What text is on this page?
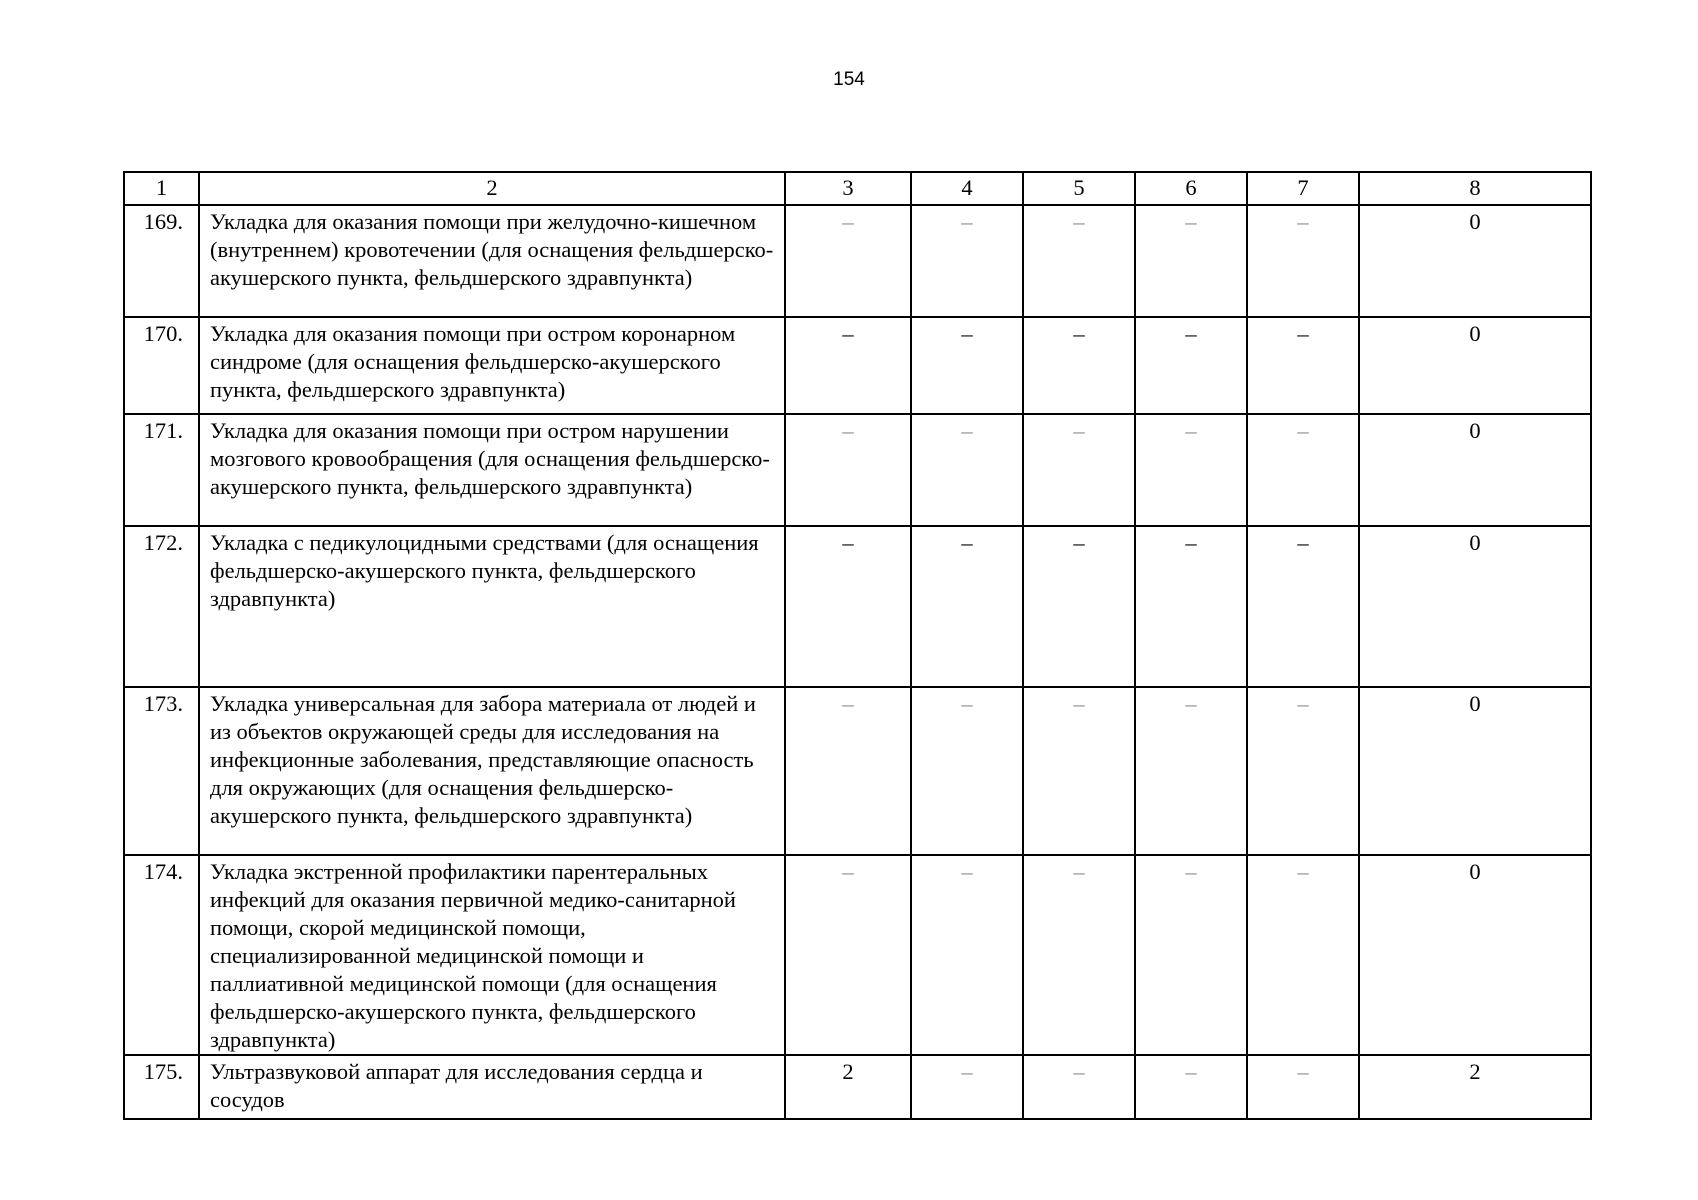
154
1	2	3	4	5	6	7	8
169.	Укладка для оказания помощи при желудочно-кишечном (внутреннем) кровотечении (для оснащения фельдшерско-акушерского пункта, фельдшерского здравпункта)	–	–	–	–	–	0
170.	Укладка для оказания помощи при остром коронарном синдроме (для оснащения фельдшерско-акушерского пункта, фельдшерского здравпункта)	–	–	–	–	–	0
171.	Укладка для оказания помощи при остром нарушении мозгового кровообращения (для оснащения фельдшерско-акушерского пункта, фельдшерского здравпункта)	–	–	–	–	–	0
172.	Укладка с педикулоцидными средствами (для оснащения фельдшерско-акушерского пункта, фельдшерского здравпункта)	–	–	–	–	–	0
173.	Укладка универсальная для забора материала от людей и из объектов окружающей среды для исследования на инфекционные заболевания, представляющие опасность для окружающих (для оснащения фельдшерско-акушерского пункта, фельдшерского здравпункта)	–	–	–	–	–	0
174.	Укладка экстренной профилактики парентеральных инфекций для оказания первичной медико-санитарной помощи, скорой медицинской помощи, специализированной медицинской помощи и паллиативной медицинской помощи (для оснащения фельдшерско-акушерского пункта, фельдшерского здравпункта)	–	–	–	–	–	0
175.	Ультразвуковой аппарат для исследования сердца и сосудов	2	–	–	–	–	2
